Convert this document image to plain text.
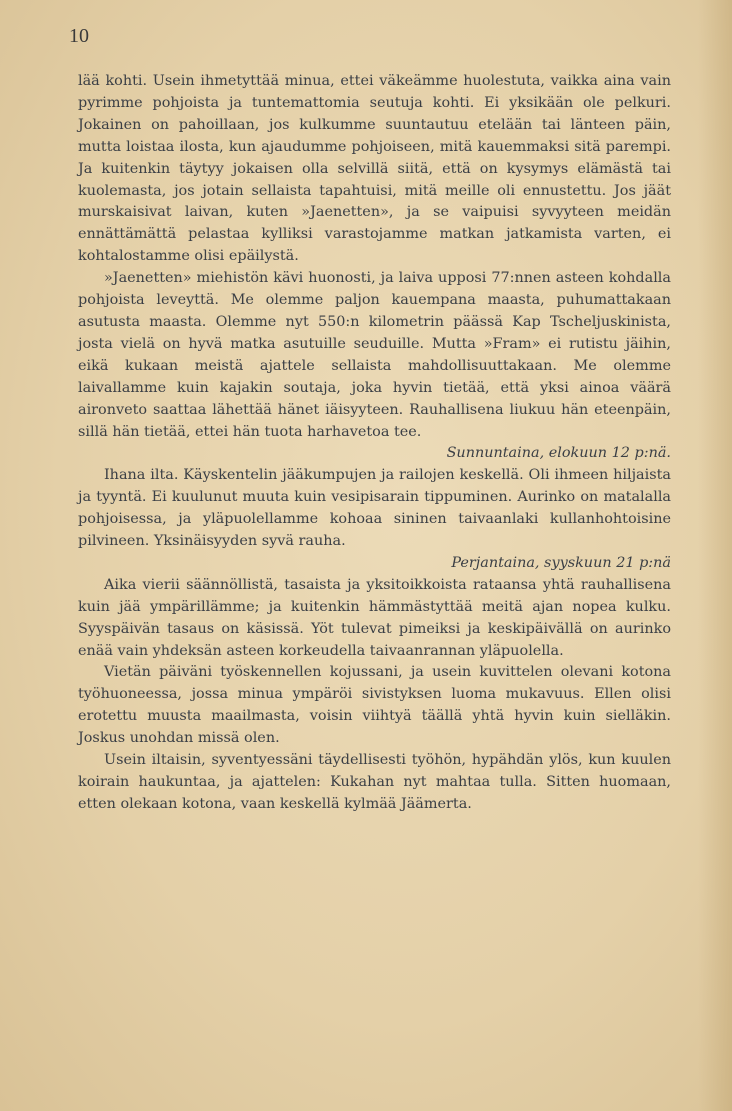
10

lää kohti. Usein ihmetyttää minua, ettei väkeämme huolestuta, vaikka aina vain pyrimme pohjoista ja tuntemattomia seutuja kohti. Ei yksikään ole pelkuri. Jokainen on pahoillaan, jos kulkumme suuntautuu etelään tai länteen päin, mutta loistaa ilosta, kun ajaudumme pohjoiseen, mitä kauemmaksi sitä parempi. Ja kuitenkin täytyy jokaisen olla selvillä siitä, että on kysymys elämästä tai kuolemasta, jos jotain sellaista tapahtuisi, mitä meille oli ennustettu. Jos jäät murskaisivat laivan, kuten »Jaenetten», ja se vaipuisi syvyyteen meidän ennättämättä pelastaa kylliksi varastojamme matkan jatkamista varten, ei kohtalostamme olisi epäilystä.

»Jaenetten» miehistön kävi huonosti, ja laiva upposi 77:nnen asteen kohdalla pohjoista leveyttä. Me olemme paljon kauempana maasta, puhumattakaan asutusta maasta. Olemme nyt 550:n kilometrin päässä Kap Tscheljuskinista, josta vielä on hyvä matka asutuille seuduille. Mutta »Fram» ei rutistu jäihin, eikä kukaan meistä ajattele sellaista mahdollisuuttakaan. Me olemme laivallamme kuin kajakin soutaja, joka hyvin tietää, että yksi ainoa väärä aironveto saattaa lähettää hänet iäisyyteen. Rauhallisena liukuu hän eteenpäin, sillä hän tietää, ettei hän tuota harhavetoa tee.

Sunnuntaina, elokuun 12 p:nä.

Ihana ilta. Käyskentelin jääkumpujen ja railojen keskellä. Oli ihmeen hiljaista ja tyyntä. Ei kuulunut muuta kuin vesipisarain tippuminen. Aurinko on matalalla pohjoisessa, ja yläpuolellamme kohoaa sininen taivaanlaki kullanhohtoisine pilvineen. Yksinäisyyden syvä rauha.

Perjantaina, syyskuun 21 p:nä

Aika vierii säännöllistä, tasaista ja yksitoikkoista rataansa yhtä rauhallisena kuin jää ympärillämme; ja kuitenkin hämmästyttää meitä ajan nopea kulku. Syyspäivän tasaus on käsissä. Yöt tulevat pimeiksi ja keskipäivällä on aurinko enää vain yhdeksän asteen korkeudella taivaanrannan yläpuolella.

Vietän päiväni työskennellen kojussani, ja usein kuvittelen olevani kotona työhuoneessa, jossa minua ympäröi sivistyksen luoma mukavuus. Ellen olisi erotettu muusta maailmasta, voisin viihtyä täällä yhtä hyvin kuin sielläkin. Joskus unohdan missä olen.

Usein iltaisin, syventyessäni täydellisesti työhön, hypähdän ylös, kun kuulen koirain haukuntaa, ja ajattelen: Kukahan nyt mahtaa tulla. Sitten huomaan, etten olekaan kotona, vaan keskellä kylmää Jäämerta.
